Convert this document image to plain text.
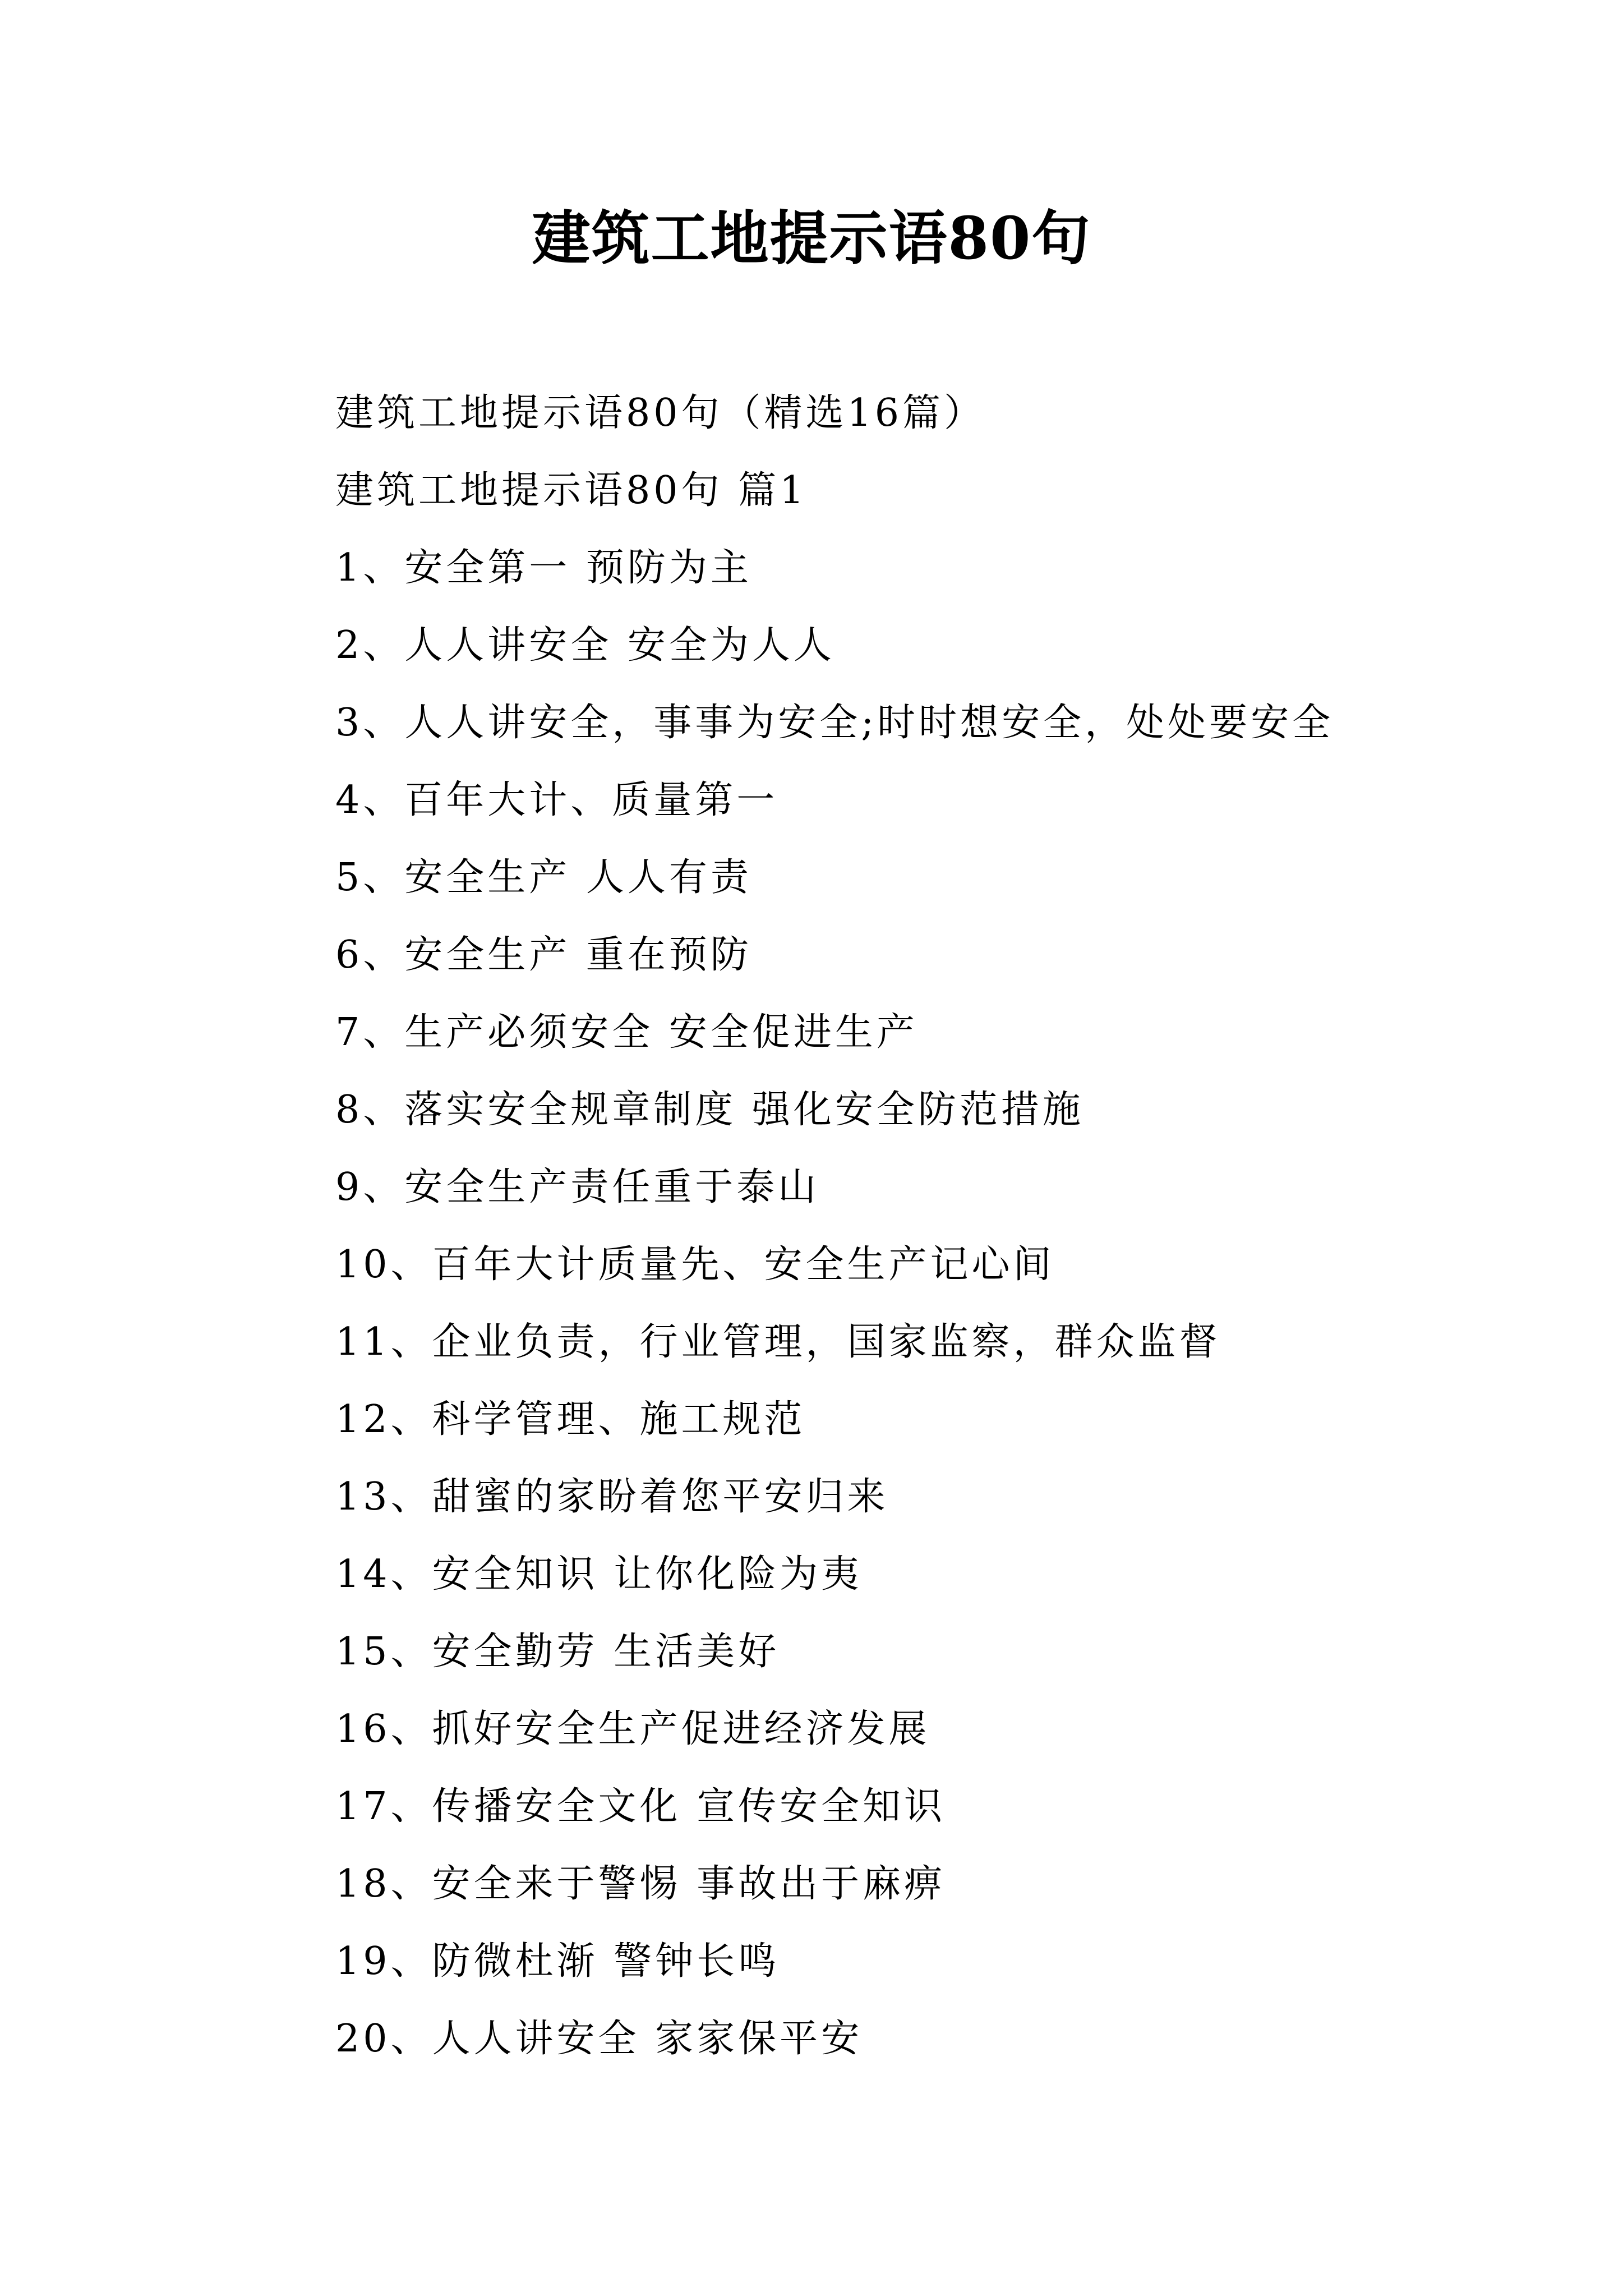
建筑工地提示语80句
建筑工地提示语80句（精选16篇）
建筑工地提示语80句 篇1
1、安全第一 预防为主
2、人人讲安全 安全为人人
3、人人讲安全，事事为安全;时时想安全，处处要安全
4、百年大计、质量第一
5、安全生产 人人有责
6、安全生产 重在预防
7、生产必须安全 安全促进生产
8、落实安全规章制度 强化安全防范措施
9、安全生产责任重于泰山
10、百年大计质量先、安全生产记心间
11、企业负责，行业管理，国家监察，群众监督
12、科学管理、施工规范
13、甜蜜的家盼着您平安归来
14、安全知识 让你化险为夷
15、安全勤劳 生活美好
16、抓好安全生产促进经济发展
17、传播安全文化 宣传安全知识
18、安全来于警惕 事故出于麻痹
19、防微杜渐 警钟长鸣
20、人人讲安全 家家保平安
